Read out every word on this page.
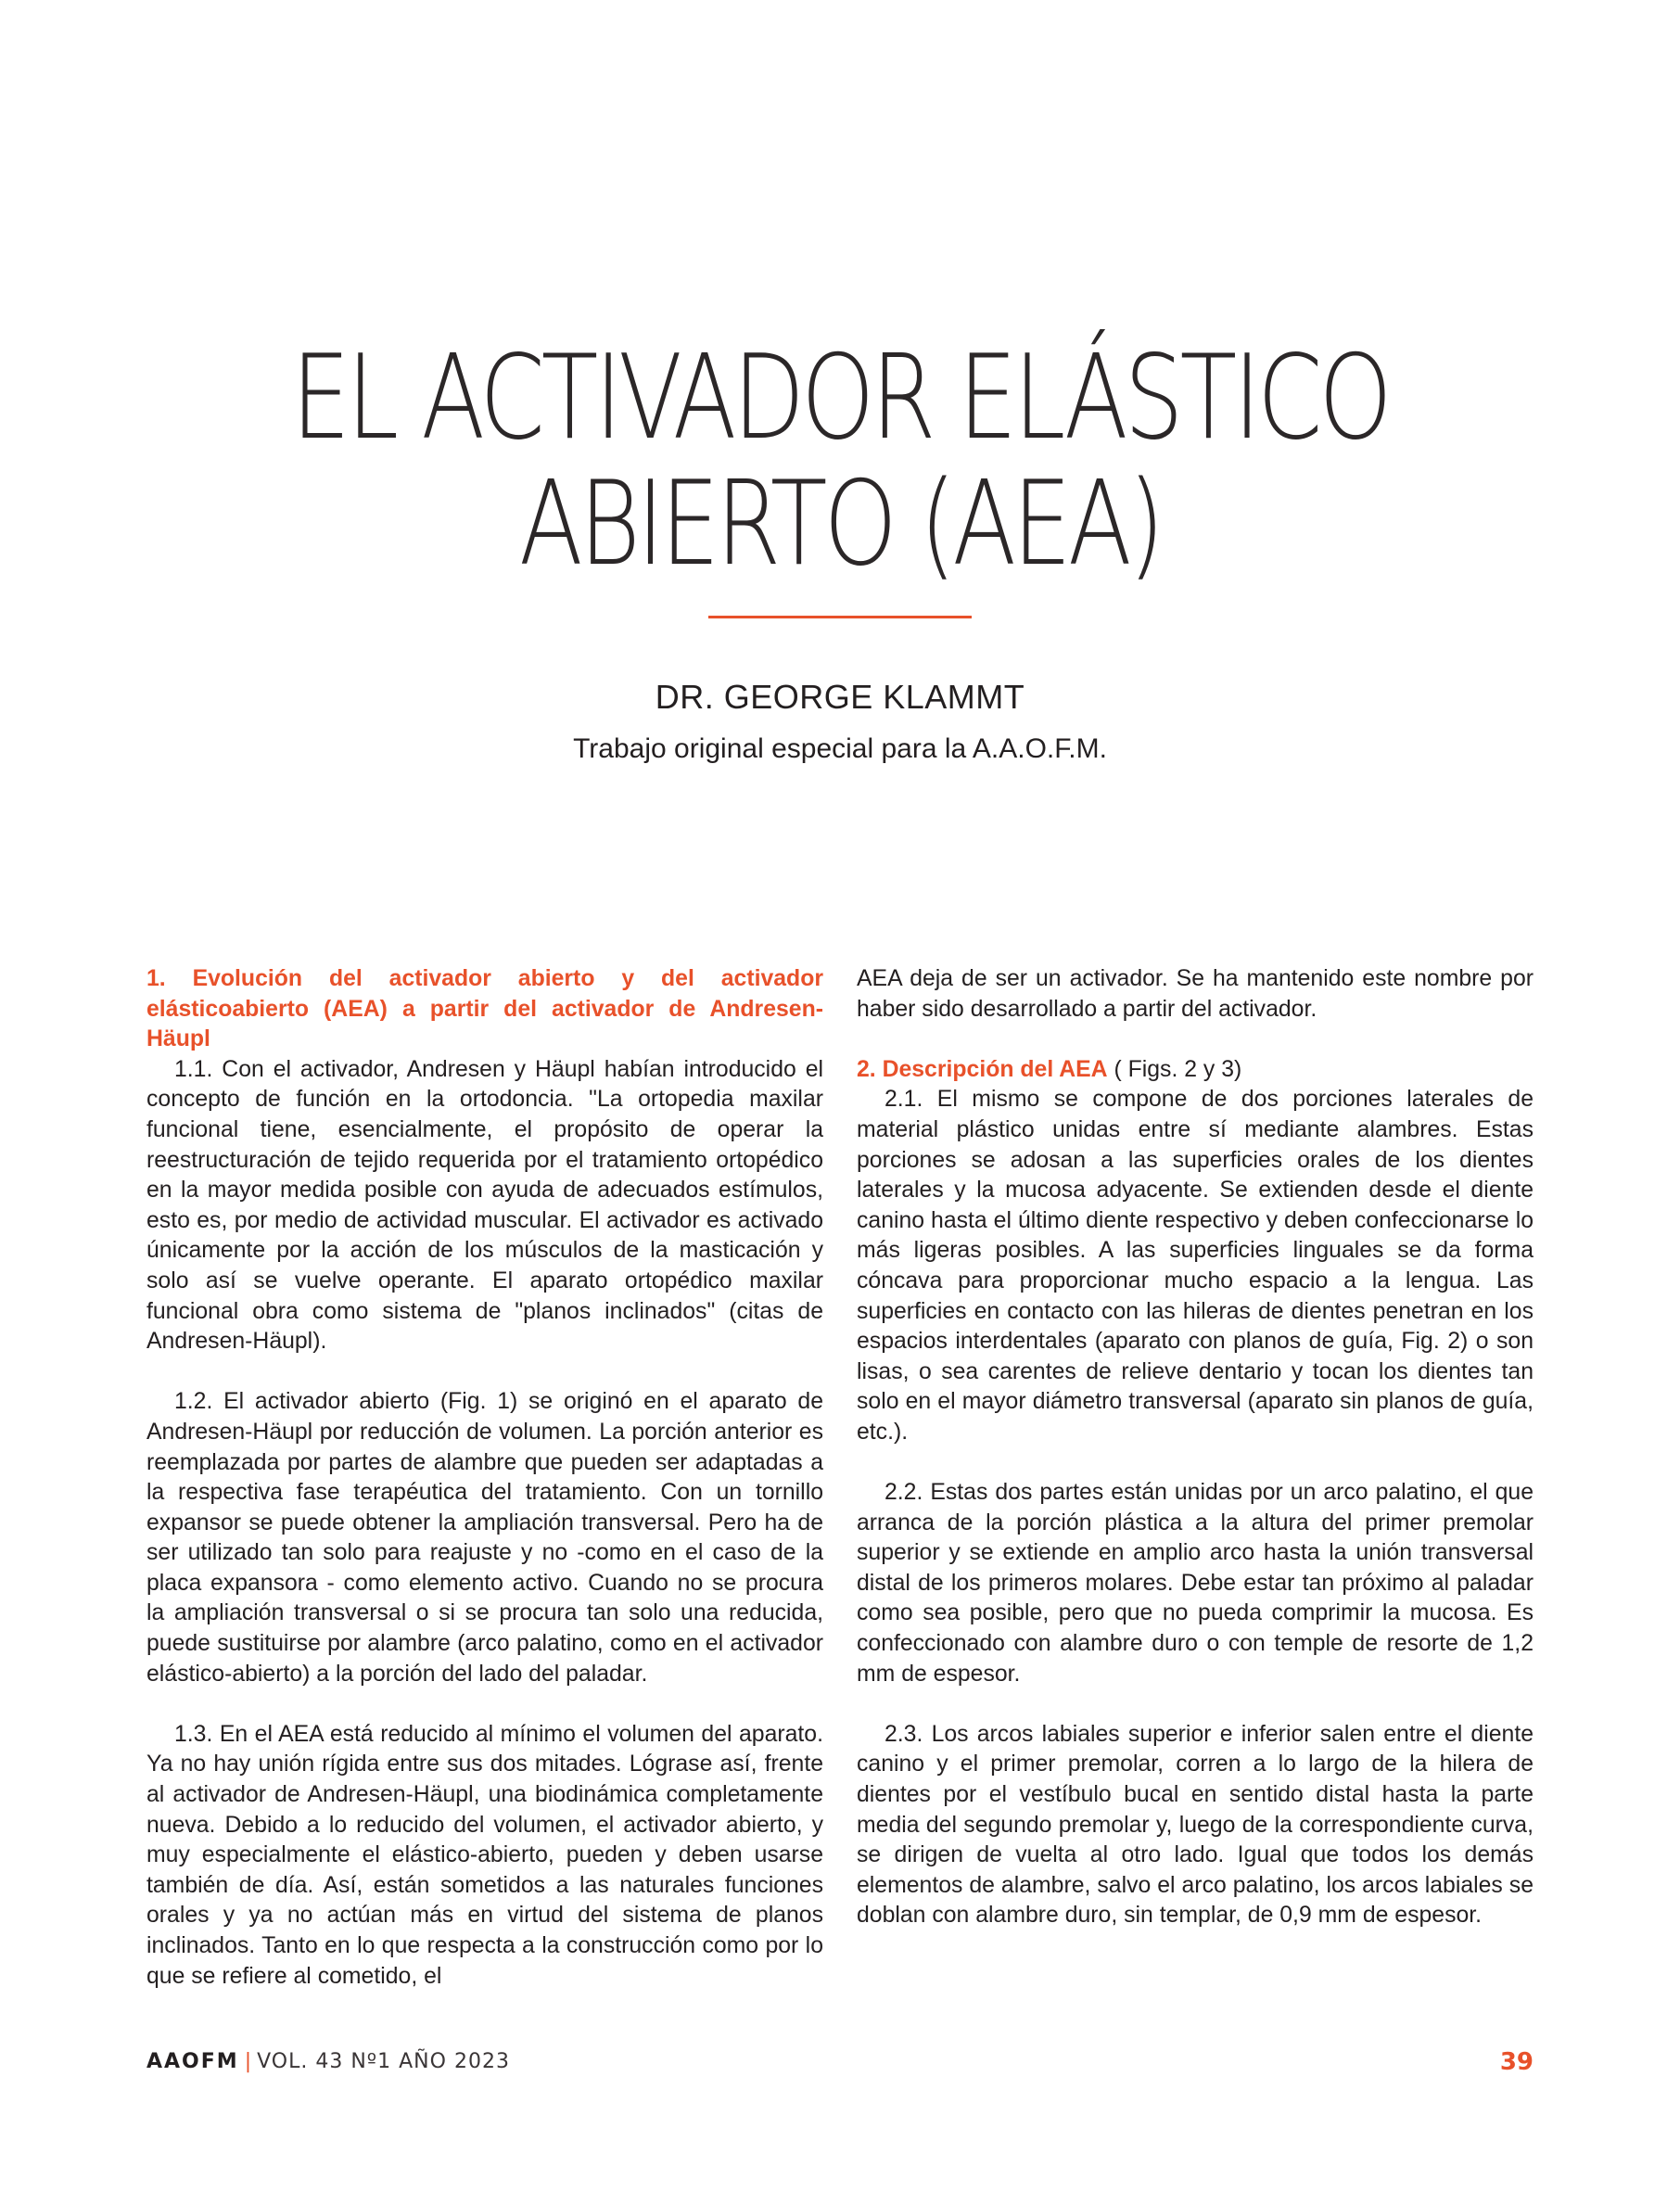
EL ACTIVADOR ELÁSTICO
ABIERTO (AEA)
DR. GEORGE KLAMMT
Trabajo original especial para la A.A.O.F.M.

1. Evolución del activador abierto y del activador elásticoabierto (AEA) a partir del activador de Andresen-Häupl

1.1. Con el activador, Andresen y Häupl habían introducido el concepto de función en la ortodoncia. "La ortopedia maxilar funcional tiene, esencialmente, el propósito de operar la reestructuración de tejido requerida por el tratamiento ortopédico en la mayor medida posible con ayuda de adecuados estímulos, esto es, por medio de actividad muscular. El activador es activado únicamente por la acción de los músculos de la masticación y solo así se vuelve operante. El aparato ortopédico maxilar funcional obra como sistema de "planos inclinados" (citas de Andresen-Häupl).

1.2. El activador abierto (Fig. 1) se originó en el aparato de Andresen-Häupl por reducción de volumen. La porción anterior es reemplazada por partes de alambre que pueden ser adaptadas a la respectiva fase terapéutica del tratamiento. Con un tornillo expansor se puede obtener la ampliación transversal. Pero ha de ser utilizado tan solo para reajuste y no -como en el caso de la placa expansora - como elemento activo. Cuando no se procura la ampliación transversal o si se procura tan solo una reducida, puede sustituirse por alambre (arco palatino, como en el activador elástico-abierto) a la porción del lado del paladar.

1.3. En el AEA está reducido al mínimo el volumen del aparato. Ya no hay unión rígida entre sus dos mitades. Lógrase así, frente al activador de Andresen-Häupl, una biodinámica completamente nueva. Debido a lo reducido del volumen, el activador abierto, y muy especialmente el elástico-abierto, pueden y deben usarse también de día. Así, están sometidos a las naturales funciones orales y ya no actúan más en virtud del sistema de planos inclinados. Tanto en lo que respecta a la construcción como por lo que se refiere al cometido, el

AEA deja de ser un activador. Se ha mantenido este nombre por haber sido desarrollado a partir del activador.

2. Descripción del AEA ( Figs. 2 y 3)

2.1. El mismo se compone de dos porciones laterales de material plástico unidas entre sí mediante alambres. Estas porciones se adosan a las superficies orales de los dientes laterales y la mucosa adyacente. Se extienden desde el diente canino hasta el último diente respectivo y deben confeccionarse lo más ligeras posibles. A las superficies linguales se da forma cóncava para proporcionar mucho espacio a la lengua. Las superficies en contacto con las hileras de dientes penetran en los espacios interdentales (aparato con planos de guía, Fig. 2) o son lisas, o sea carentes de relieve dentario y tocan los dientes tan solo en el mayor diámetro transversal (aparato sin planos de guía, etc.).

2.2. Estas dos partes están unidas por un arco palatino, el que arranca de la porción plástica a la altura del primer premolar superior y se extiende en amplio arco hasta la unión transversal distal de los primeros molares. Debe estar tan próximo al paladar como sea posible, pero que no pueda comprimir la mucosa. Es confeccionado con alambre duro o con temple de resorte de 1,2 mm de espesor.

2.3. Los arcos labiales superior e inferior salen entre el diente canino y el primer premolar, corren a lo largo de la hilera de dientes por el vestíbulo bucal en sentido distal hasta la parte media del segundo premolar y, luego de la correspondiente curva, se dirigen de vuelta al otro lado. Igual que todos los demás elementos de alambre, salvo el arco palatino, los arcos labiales se doblan con alambre duro, sin templar, de 0,9 mm de espesor.

AAOFM | VOL. 43 Nº1 AÑO 2023	39
